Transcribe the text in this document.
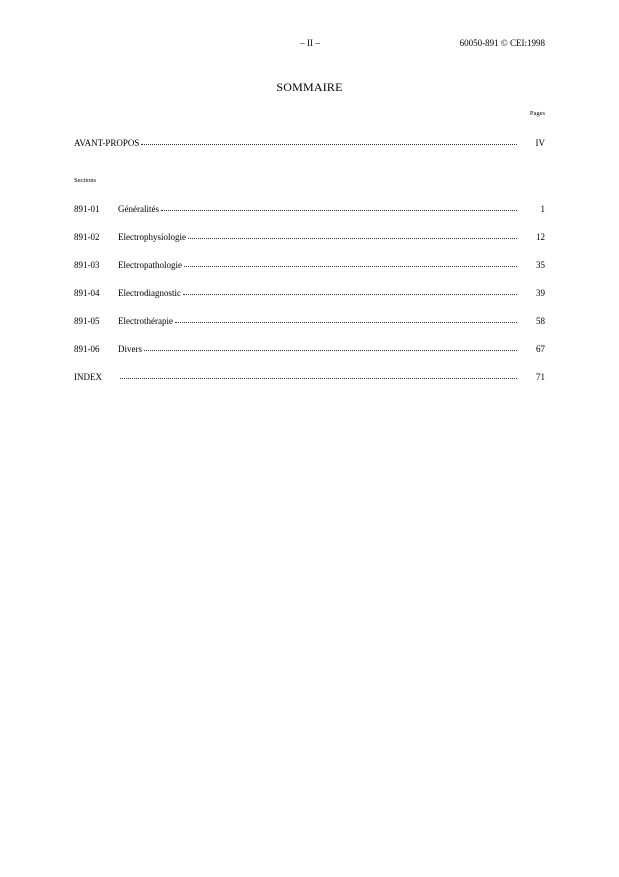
– II –	60050-891 © CEI:1998
SOMMAIRE
Pages
AVANT-PROPOS	IV
Sections
891-01	Généralités	1
891-02	Electrophysiologie	12
891-03	Electropathologie	35
891-04	Electrodiagnostic	39
891-05	Electrothérapie	58
891-06	Divers	67
INDEX	71
